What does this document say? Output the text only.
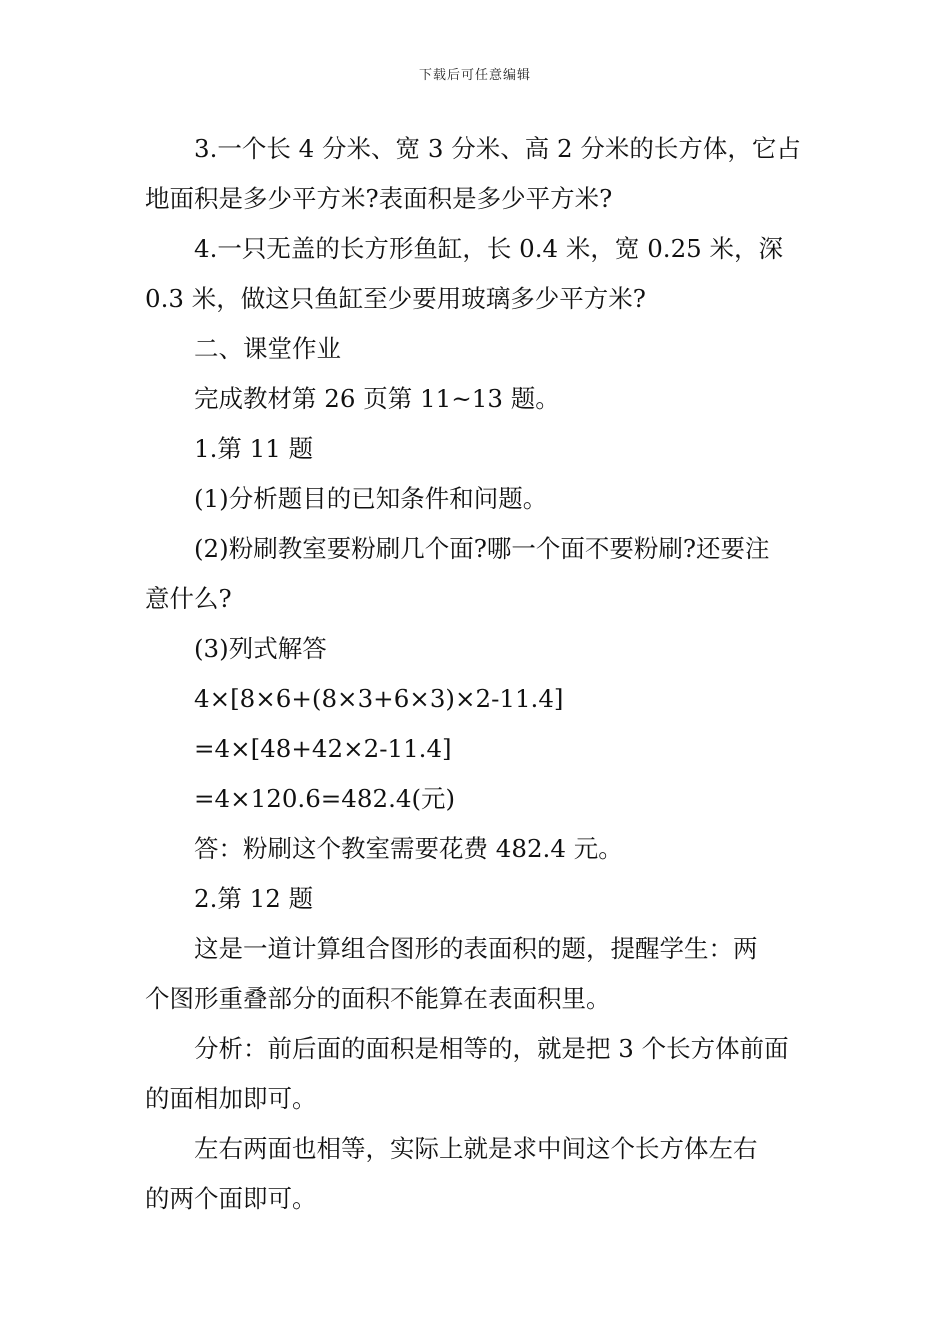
下载后可任意编辑
3.一个长 4 分米、宽 3 分米、高 2 分米的长方体，它占
地面积是多少平方米?表面积是多少平方米?
4.一只无盖的长方形鱼缸，长 0.4 米，宽 0.25 米，深
0.3 米，做这只鱼缸至少要用玻璃多少平方米?
二、课堂作业
完成教材第 26 页第 11~13 题。
1.第 11 题
(1)分析题目的已知条件和问题。
(2)粉刷教室要粉刷几个面?哪一个面不要粉刷?还要注
意什么?
(3)列式解答
4×[8×6+(8×3+6×3)×2-11.4]
=4×[48+42×2-11.4]
=4×120.6=482.4(元)
答：粉刷这个教室需要花费 482.4 元。
2.第 12 题
这是一道计算组合图形的表面积的题，提醒学生：两
个图形重叠部分的面积不能算在表面积里。
分析：前后面的面积是相等的，就是把 3 个长方体前面
的面相加即可。
左右两面也相等，实际上就是求中间这个长方体左右
的两个面即可。
